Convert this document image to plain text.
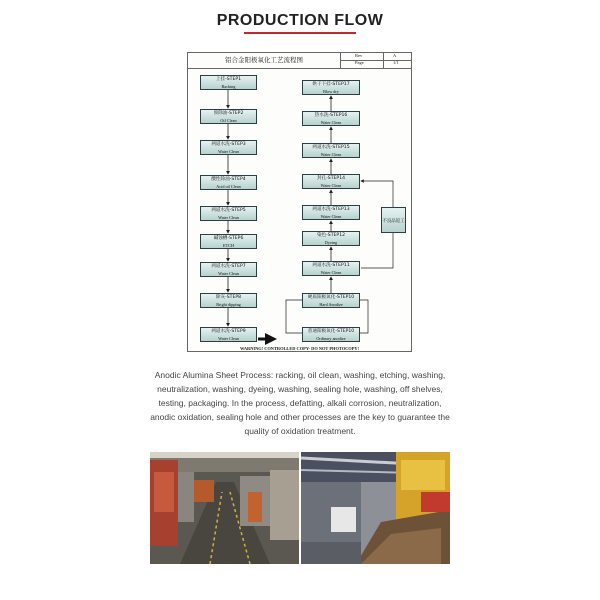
PRODUCTION FLOW
铝合金阳极氧化工艺流程图
Rev	A
Page	1/1
上挂-STEP1
Racking
预除油-STEP2
Oil Clean
两道水洗-STEP3
Water Clean
酸性除油-STEP4
Acid oil Clean
两道水洗-STEP5
Water Clean
碱蚀槽-STEP6
ETCH
两道水洗-STEP7
Water Clean
除灰-STEP8
Bright dipping
两道水洗-STEP9
Water Clean
烘干下挂-STEP17
Blow dry
热水洗-STEP16
Water Clean
两道水洗-STEP15
Water Clean
封孔-STEP14
Water Clean
两道水洗-STEP13
Water Clean
染色-STEP12
Dyeing
两道水洗-STEP11
Water Clean
硬质阳极氧化-STEP10
Hard Anodize
普通阳极氧化-STEP10
Ordinary anodize
不良品返工
WARNING! CONTROLLED COPY- DO NOT PHOTOCOPY!
Anodic Alumina Sheet Process: racking, oil clean, washing, etching, washing, neutralization, washing, dyeing, washing, sealing hole, washing, off shelves, testing, packaging. In the process, defatting, alkali corrosion, neutralization, anodic oxidation, sealing hole and other processes are the key to guarantee the quality of oxidation treatment.
